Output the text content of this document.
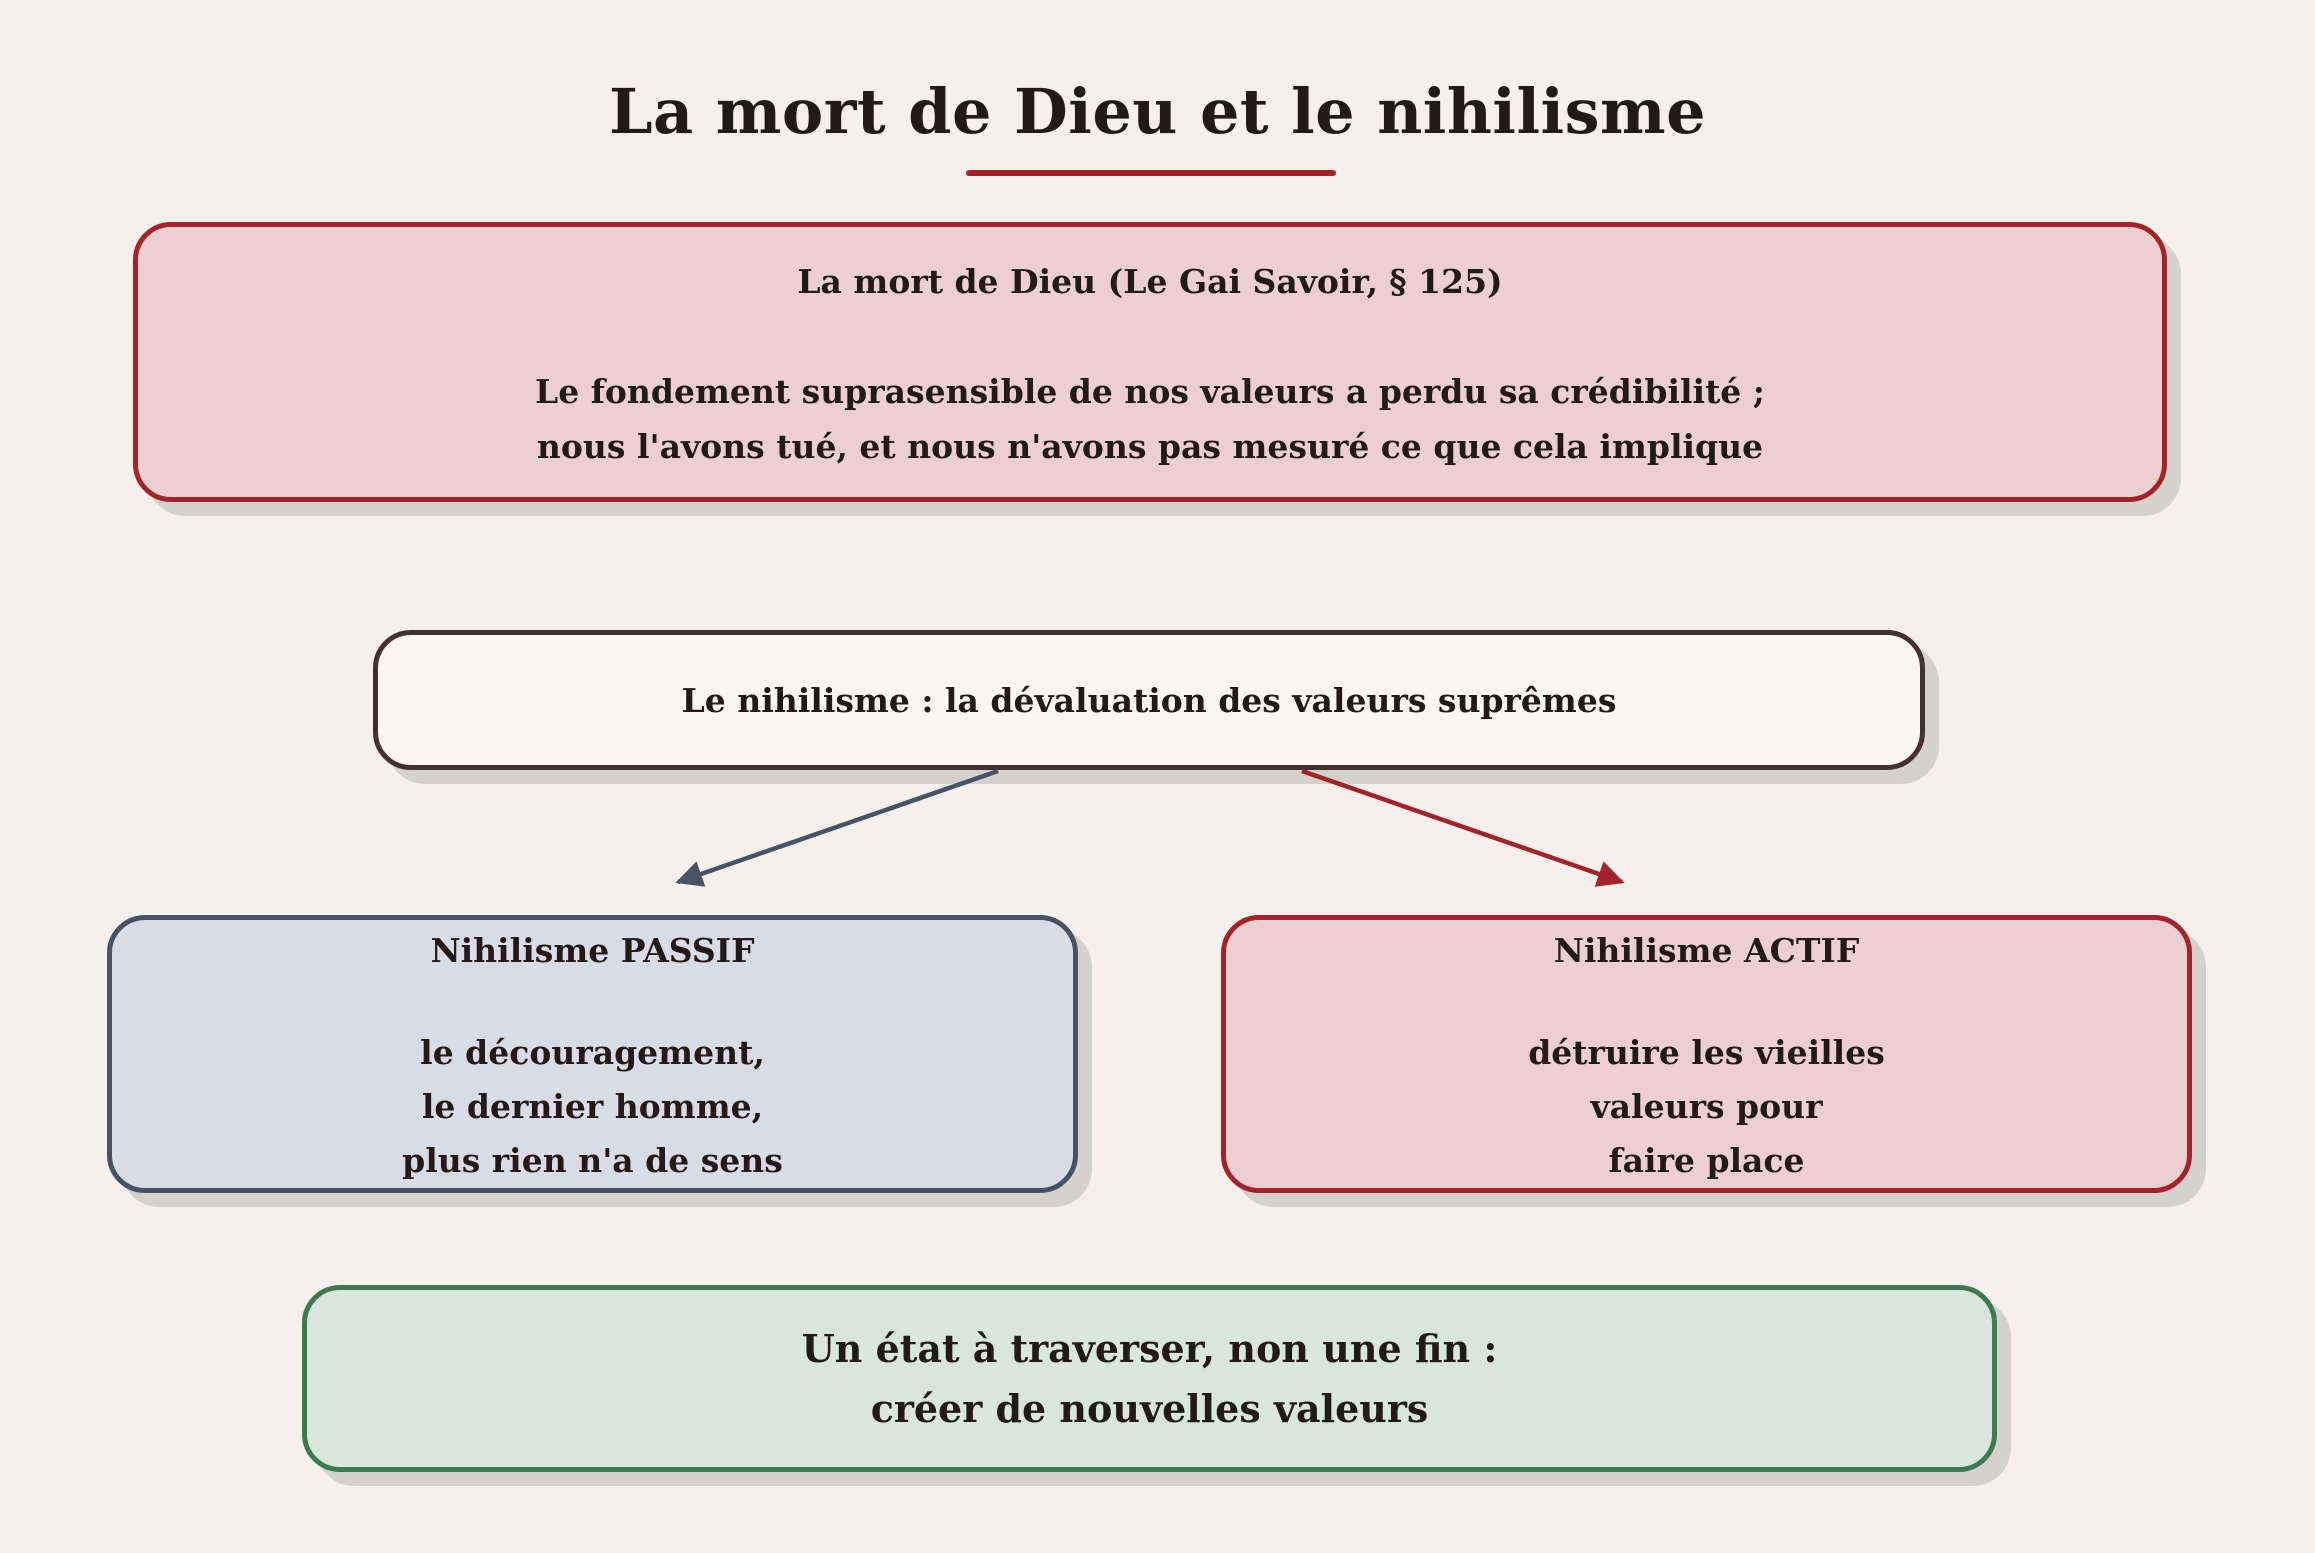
La mort de Dieu et le nihilisme
La mort de Dieu (Le Gai Savoir, § 125)
Le fondement suprasensible de nos valeurs a perdu sa crédibilité ;
nous l'avons tué, et nous n'avons pas mesuré ce que cela implique
Le nihilisme : la dévaluation des valeurs suprêmes
Nihilisme PASSIF
le découragement,
le dernier homme,
plus rien n'a de sens
Nihilisme ACTIF
détruire les vieilles
valeurs pour
faire place
Un état à traverser, non une fin :
créer de nouvelles valeurs
